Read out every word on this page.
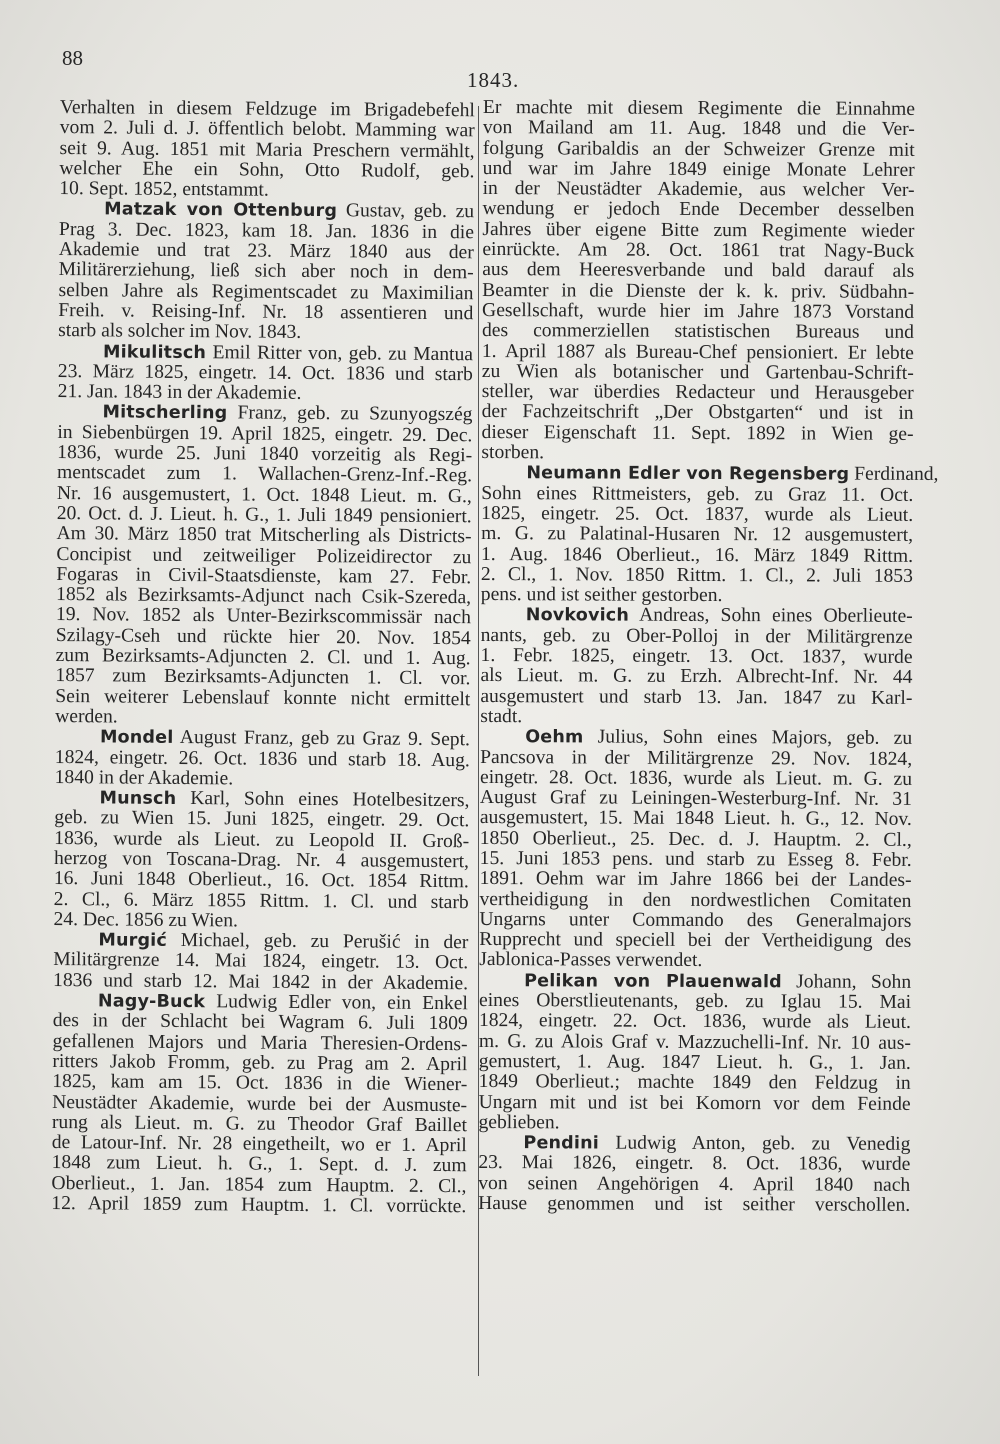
88
1843.

Verhalten in diesem Feldzuge im Brigadebefehl

vom 2. Juli d. J. öffentlich belobt. Mamming war

seit 9. Aug. 1851 mit Maria Preschern vermählt,

welcher Ehe ein Sohn, Otto Rudolf, geb.

10. Sept. 1852, entstammt.

Matzak von Ottenburg Gustav, geb. zu

Prag 3. Dec. 1823, kam 18. Jan. 1836 in die

Akademie und trat 23. März 1840 aus der

Militärerziehung, ließ sich aber noch in dem-

selben Jahre als Regimentscadet zu Maximilian

Freih. v. Reising-Inf. Nr. 18 assentieren und

starb als solcher im Nov. 1843.

Mikulitsch Emil Ritter von, geb. zu Mantua

23. März 1825, eingetr. 14. Oct. 1836 und starb

21. Jan. 1843 in der Akademie.

Mitscherling Franz, geb. zu Szunyogszég

in Siebenbürgen 19. April 1825, eingetr. 29. Dec.

1836, wurde 25. Juni 1840 vorzeitig als Regi-

mentscadet zum 1. Wallachen-Grenz-Inf.-Reg.

Nr. 16 ausgemustert, 1. Oct. 1848 Lieut. m. G.,

20. Oct. d. J. Lieut. h. G., 1. Juli 1849 pensioniert.

Am 30. März 1850 trat Mitscherling als Districts-

Concipist und zeitweiliger Polizeidirector zu

Fogaras in Civil-Staatsdienste, kam 27. Febr.

1852 als Bezirksamts-Adjunct nach Csik-Szereda,

19. Nov. 1852 als Unter-Bezirkscommissär nach

Szilagy-Cseh und rückte hier 20. Nov. 1854

zum Bezirksamts-Adjuncten 2. Cl. und 1. Aug.

1857 zum Bezirksamts-Adjuncten 1. Cl. vor.

Sein weiterer Lebenslauf konnte nicht ermittelt

werden.

Mondel August Franz, geb zu Graz 9. Sept.

1824, eingetr. 26. Oct. 1836 und starb 18. Aug.

1840 in der Akademie.

Munsch Karl, Sohn eines Hotelbesitzers,

geb. zu Wien 15. Juni 1825, eingetr. 29. Oct.

1836, wurde als Lieut. zu Leopold II. Groß-

herzog von Toscana-Drag. Nr. 4 ausgemustert,

16. Juni 1848 Oberlieut., 16. Oct. 1854 Rittm.

2. Cl., 6. März 1855 Rittm. 1. Cl. und starb

24. Dec. 1856 zu Wien.

Murgić Michael, geb. zu Perušić in der

Militärgrenze 14. Mai 1824, eingetr. 13. Oct.

1836 und starb 12. Mai 1842 in der Akademie.

Nagy-Buck Ludwig Edler von, ein Enkel

des in der Schlacht bei Wagram 6. Juli 1809

gefallenen Majors und Maria Theresien-Ordens-

ritters Jakob Fromm, geb. zu Prag am 2. April

1825, kam am 15. Oct. 1836 in die Wiener-

Neustädter Akademie, wurde bei der Ausmuste-

rung als Lieut. m. G. zu Theodor Graf Baillet

de Latour-Inf. Nr. 28 eingetheilt, wo er 1. April

1848 zum Lieut. h. G., 1. Sept. d. J. zum

Oberlieut., 1. Jan. 1854 zum Hauptm. 2. Cl.,

12. April 1859 zum Hauptm. 1. Cl. vorrückte.

Er machte mit diesem Regimente die Einnahme

von Mailand am 11. Aug. 1848 und die Ver-

folgung Garibaldis an der Schweizer Grenze mit

und war im Jahre 1849 einige Monate Lehrer

in der Neustädter Akademie, aus welcher Ver-

wendung er jedoch Ende December desselben

Jahres über eigene Bitte zum Regimente wieder

einrückte. Am 28. Oct. 1861 trat Nagy-Buck

aus dem Heeresverbande und bald darauf als

Beamter in die Dienste der k. k. priv. Südbahn-

Gesellschaft, wurde hier im Jahre 1873 Vorstand

des commerziellen statistischen Bureaus und

1. April 1887 als Bureau-Chef pensioniert. Er lebte

zu Wien als botanischer und Gartenbau-Schrift-

steller, war überdies Redacteur und Herausgeber

der Fachzeitschrift „Der Obstgarten“ und ist in

dieser Eigenschaft 11. Sept. 1892 in Wien ge-

storben.

Neumann Edler von Regensberg Ferdinand,

Sohn eines Rittmeisters, geb. zu Graz 11. Oct.

1825, eingetr. 25. Oct. 1837, wurde als Lieut.

m. G. zu Palatinal-Husaren Nr. 12 ausgemustert,

1. Aug. 1846 Oberlieut., 16. März 1849 Rittm.

2. Cl., 1. Nov. 1850 Rittm. 1. Cl., 2. Juli 1853

pens. und ist seither gestorben.

Novkovich Andreas, Sohn eines Oberlieute-

nants, geb. zu Ober-Polloj in der Militärgrenze

1. Febr. 1825, eingetr. 13. Oct. 1837, wurde

als Lieut. m. G. zu Erzh. Albrecht-Inf. Nr. 44

ausgemustert und starb 13. Jan. 1847 zu Karl-

stadt.

Oehm Julius, Sohn eines Majors, geb. zu

Pancsova in der Militärgrenze 29. Nov. 1824,

eingetr. 28. Oct. 1836, wurde als Lieut. m. G. zu

August Graf zu Leiningen-Westerburg-Inf. Nr. 31

ausgemustert, 15. Mai 1848 Lieut. h. G., 12. Nov.

1850 Oberlieut., 25. Dec. d. J. Hauptm. 2. Cl.,

15. Juni 1853 pens. und starb zu Esseg 8. Febr.

1891. Oehm war im Jahre 1866 bei der Landes-

vertheidigung in den nordwestlichen Comitaten

Ungarns unter Commando des Generalmajors

Rupprecht und speciell bei der Vertheidigung des

Jablonica-Passes verwendet.

Pelikan von Plauenwald Johann, Sohn

eines Oberstlieutenants, geb. zu Iglau 15. Mai

1824, eingetr. 22. Oct. 1836, wurde als Lieut.

m. G. zu Alois Graf v. Mazzuchelli-Inf. Nr. 10 aus-

gemustert, 1. Aug. 1847 Lieut. h. G., 1. Jan.

1849 Oberlieut.; machte 1849 den Feldzug in

Ungarn mit und ist bei Komorn vor dem Feinde

geblieben.

Pendini Ludwig Anton, geb. zu Venedig

23. Mai 1826, eingetr. 8. Oct. 1836, wurde

von seinen Angehörigen 4. April 1840 nach

Hause genommen und ist seither verschollen.
